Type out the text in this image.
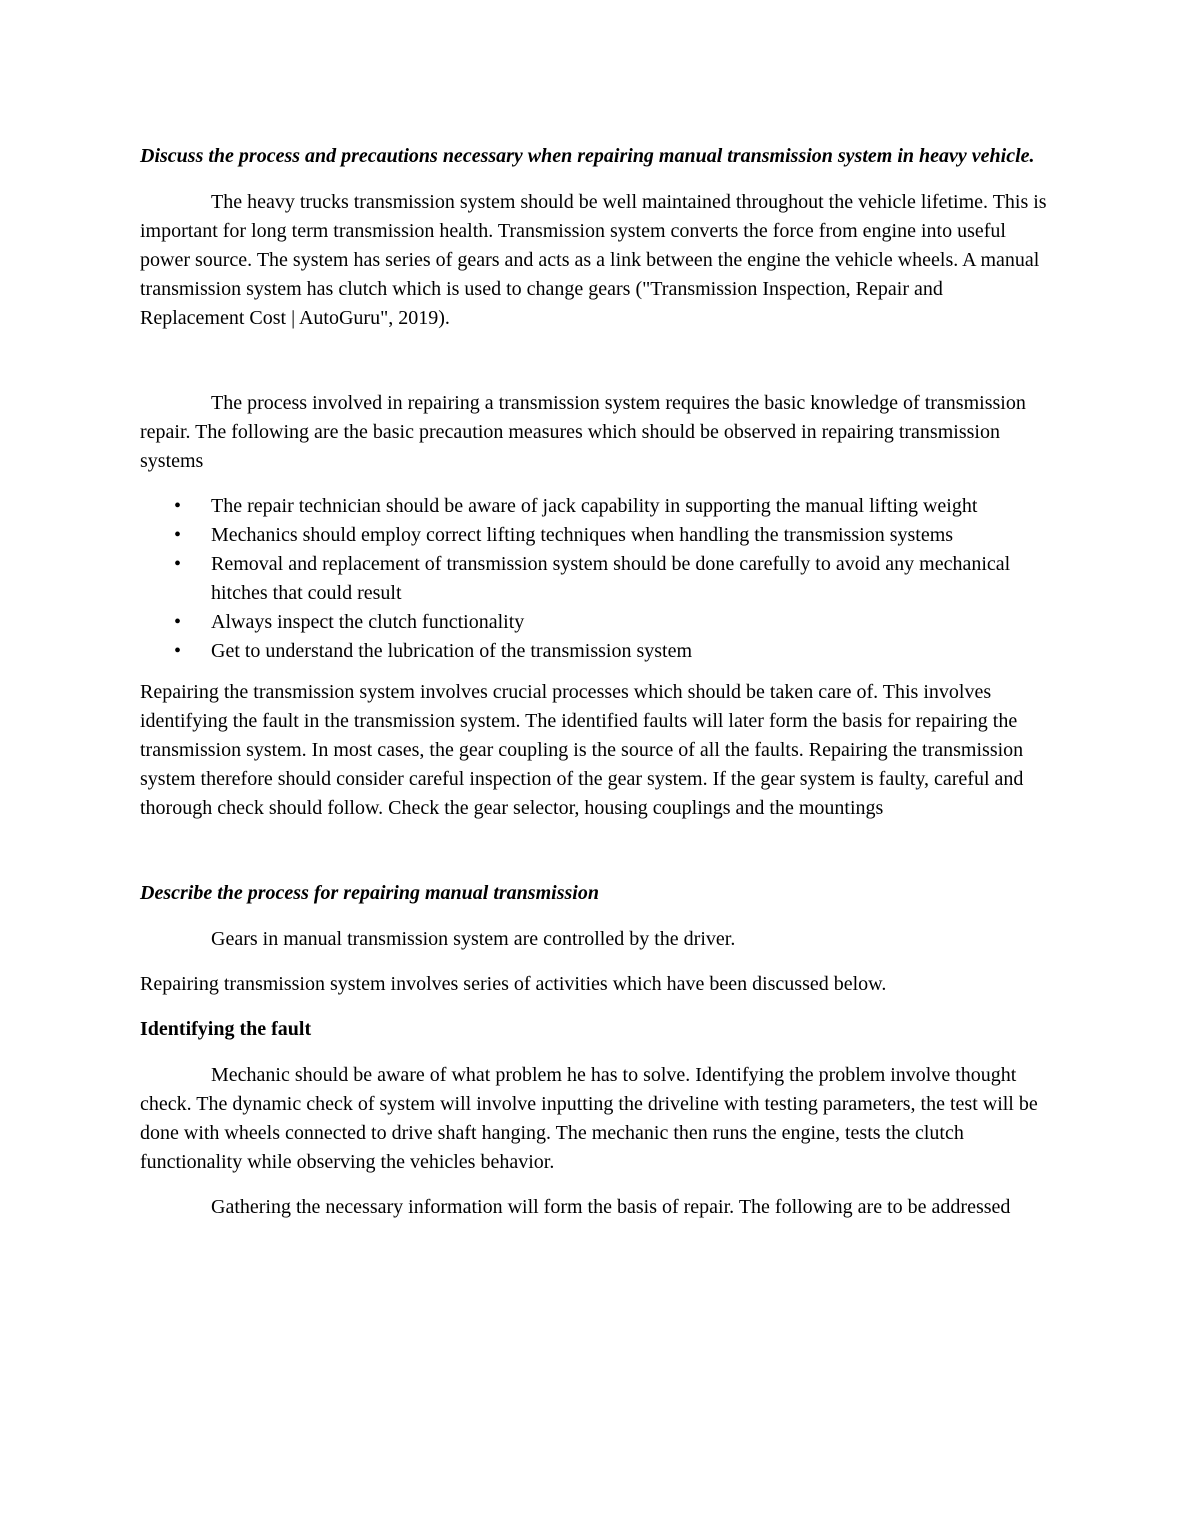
Discuss the process and precautions necessary when repairing manual transmission system in heavy vehicle.

The heavy trucks transmission system should be well maintained throughout the vehicle lifetime. This is important for long term transmission health. Transmission system converts the force from engine into useful power source. The system has series of gears and acts as a link between the engine the vehicle wheels. A manual transmission system has clutch which is used to change gears ("Transmission Inspection, Repair and Replacement Cost | AutoGuru", 2019).

The process involved in repairing a transmission system requires the basic knowledge of transmission repair. The following are the basic precaution measures which should be observed in repairing transmission systems

• The repair technician should be aware of jack capability in supporting the manual lifting weight
• Mechanics should employ correct lifting techniques when handling the transmission systems
• Removal and replacement of transmission system should be done carefully to avoid any mechanical hitches that could result
• Always inspect the clutch functionality
• Get to understand the lubrication of the transmission system

Repairing the transmission system involves crucial processes which should be taken care of. This involves identifying the fault in the transmission system. The identified faults will later form the basis for repairing the transmission system. In most cases, the gear coupling is the source of all the faults. Repairing the transmission system therefore should consider careful inspection of the gear system. If the gear system is faulty, careful and thorough check should follow. Check the gear selector, housing couplings and the mountings

Describe the process for repairing manual transmission

Gears in manual transmission system are controlled by the driver.

Repairing transmission system involves series of activities which have been discussed below.

Identifying the fault

Mechanic should be aware of what problem he has to solve. Identifying the problem involve thought check. The dynamic check of system will involve inputting the driveline with testing parameters, the test will be done with wheels connected to drive shaft hanging. The mechanic then runs the engine, tests the clutch functionality while observing the vehicles behavior.

Gathering the necessary information will form the basis of repair. The following are to be addressed
